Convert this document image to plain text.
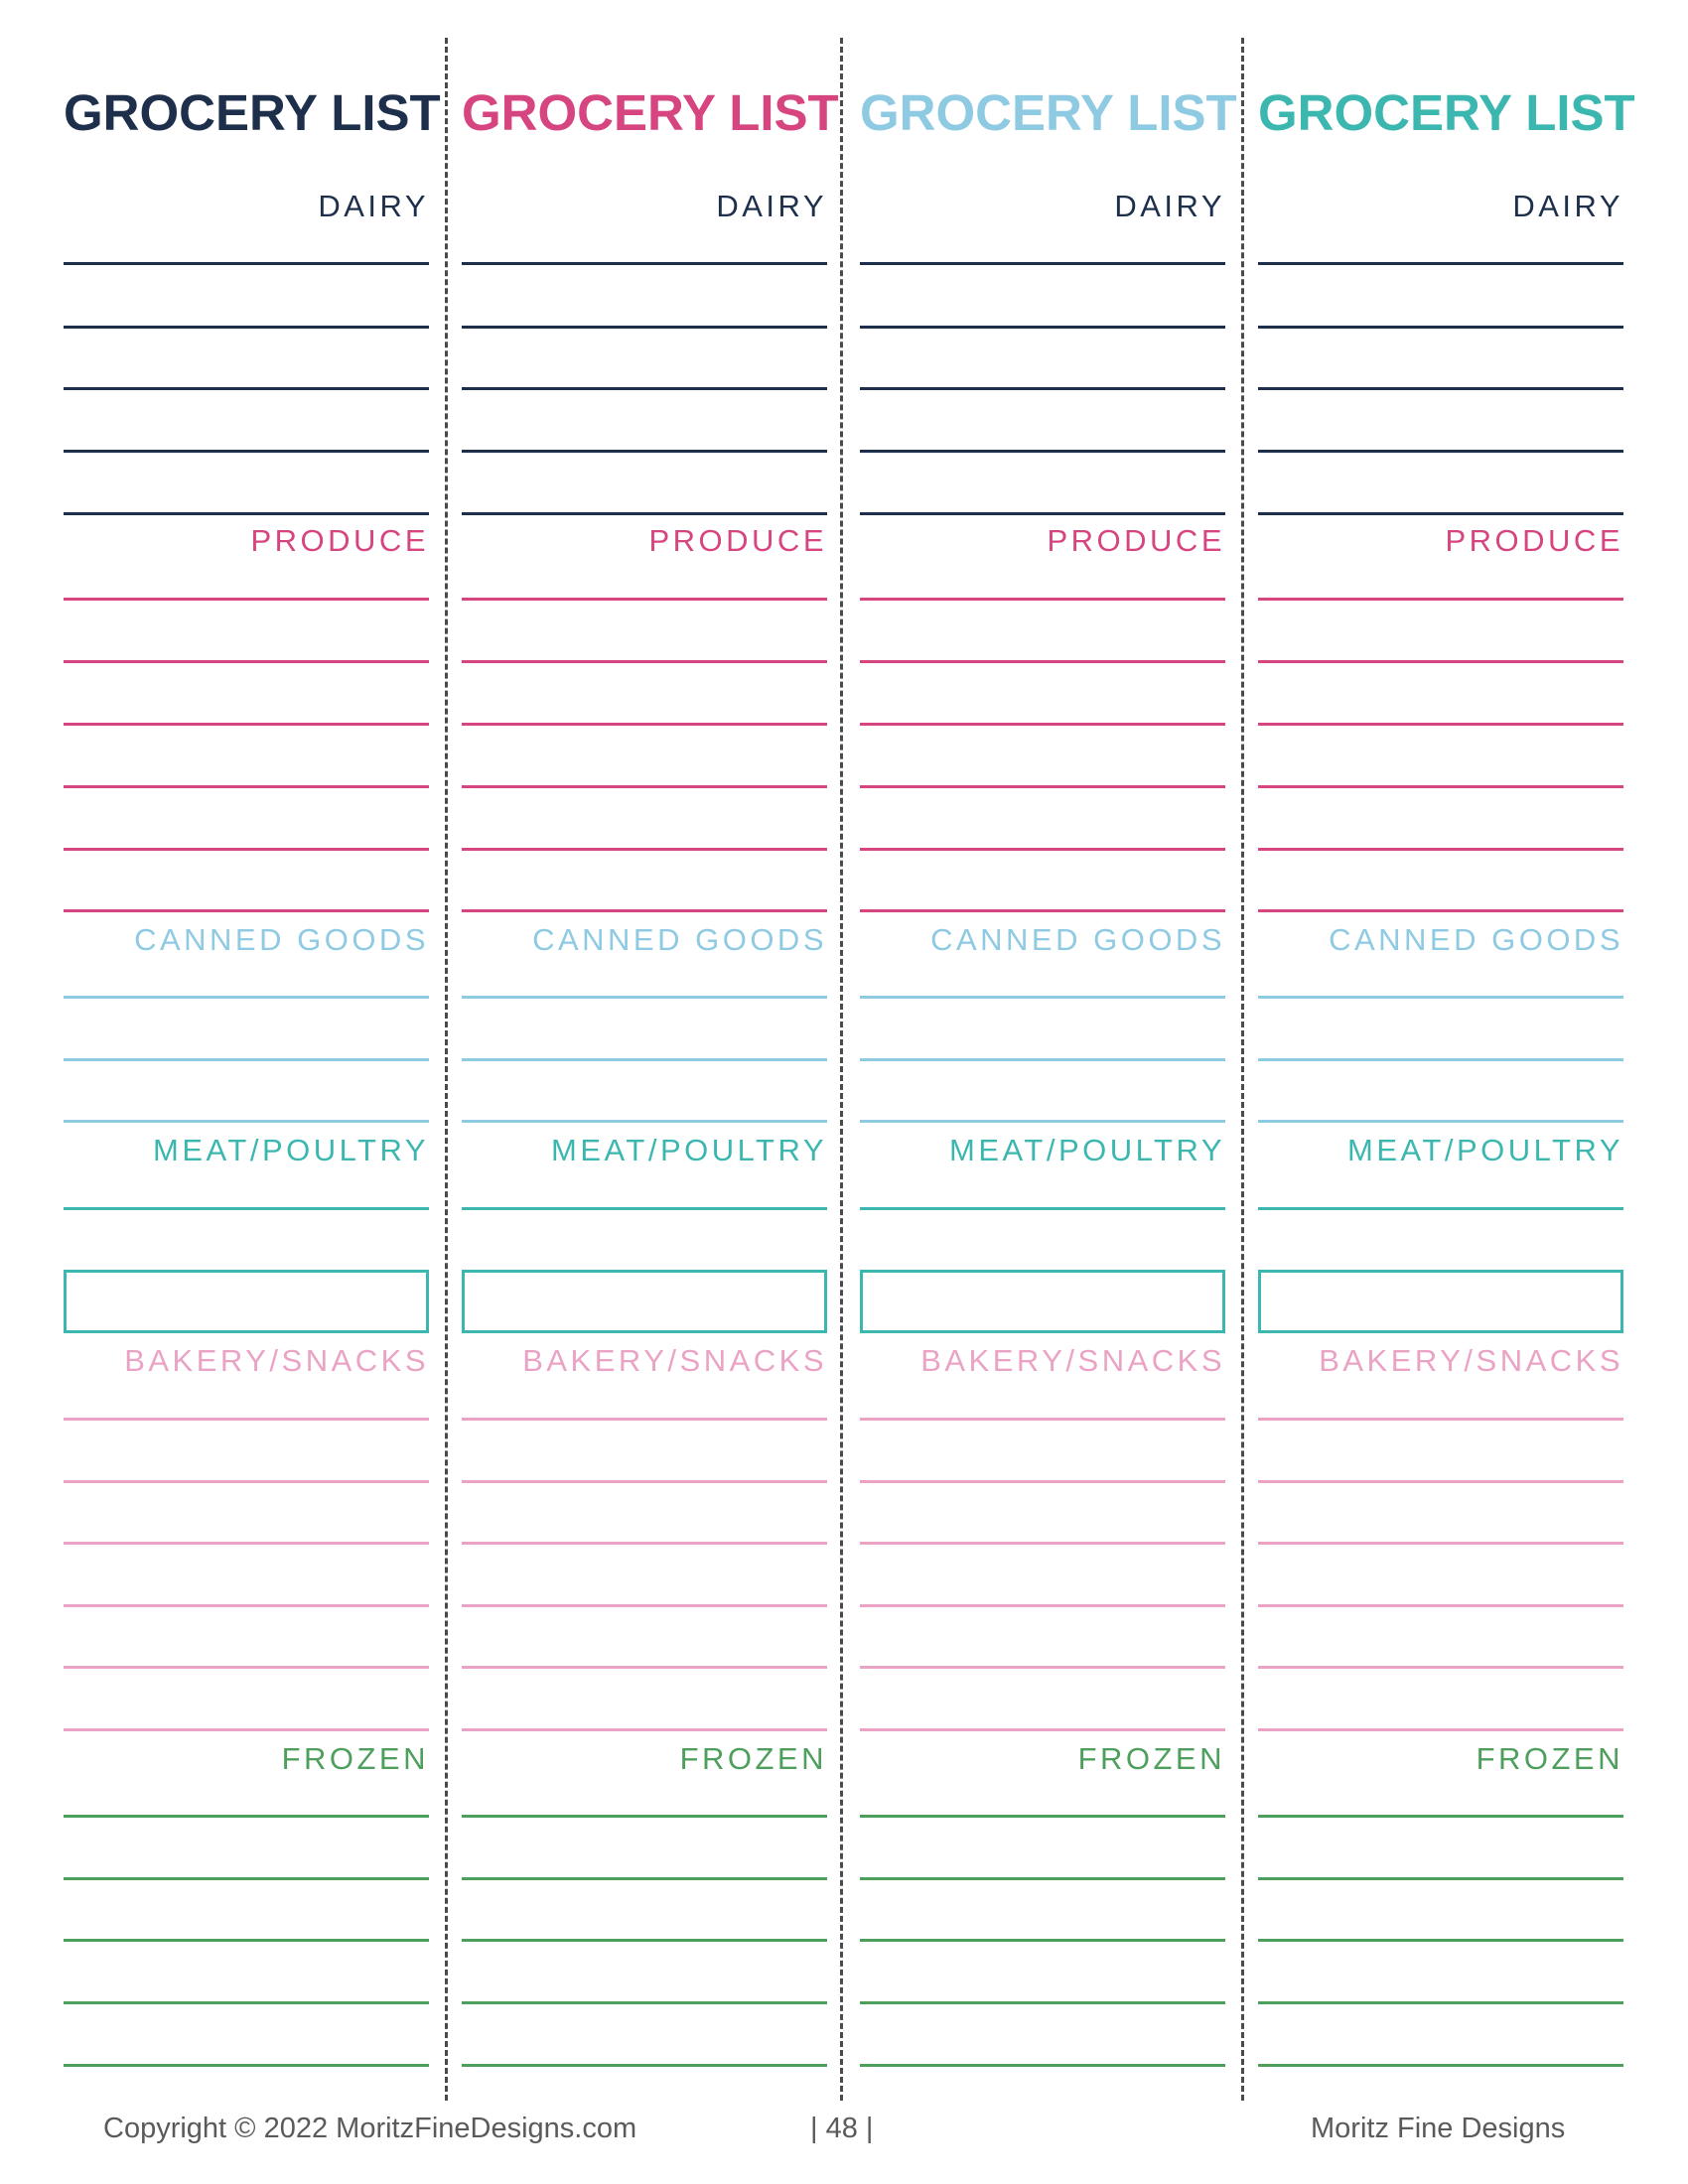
GROCERY LIST
DAIRY
PRODUCE
CANNED GOODS
MEAT/POULTRY
BAKERY/SNACKS
FROZEN
GROCERY LIST
DAIRY
PRODUCE
CANNED GOODS
MEAT/POULTRY
BAKERY/SNACKS
FROZEN
GROCERY LIST
DAIRY
PRODUCE
CANNED GOODS
MEAT/POULTRY
BAKERY/SNACKS
FROZEN
GROCERY LIST
DAIRY
PRODUCE
CANNED GOODS
MEAT/POULTRY
BAKERY/SNACKS
FROZEN
Copyright © 2022 MoritzFineDesigns.com	| 48 |	Moritz Fine Designs
